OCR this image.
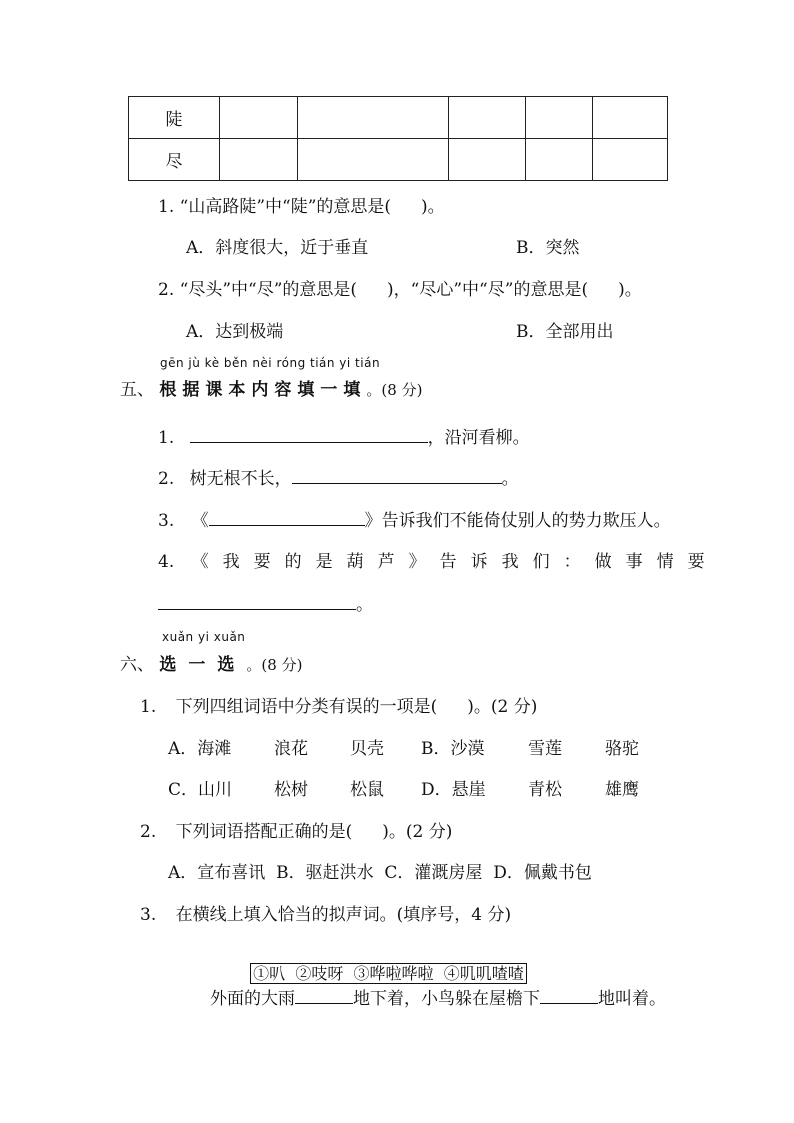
陡					
尽					
1. “山高路陡”中“陡”的意思是( )。
A．斜度很大，近于垂直	B．突然
2. “尽头”中“尽”的意思是( )，“尽心”中“尽”的意思是( )。
A．达到极端	B．全部用出
gēn jù kè běn nèi róng tián yi tián
五、 根据课本内容填一填。(8 分)
1.	，沿河看柳。
2. 树无根不长，	。
3. 《	》告诉我们不能倚仗别人的势力欺压人。
4. 《我要的是葫芦》告诉我们：做事情要
。
xuǎn yi xuǎn
六、 选一选。(8 分)
1. 下列四组词语中分类有误的一项是( )。(2 分)
A．海滩	浪花 贝壳 B．沙漠	雪莲	骆驼
C．山川 松树 松鼠 D．悬崖 青松	雄鹰
2. 下列词语搭配正确的是( )。(2 分)
A．宣布喜讯  B．驱赶洪水  C．灌溉房屋  D．佩戴书包
3. 在横线上填入恰当的拟声词。(填序号，4 分)

①叭  ②吱呀  ③哗啦哗啦  ④叽叽喳喳

外面的大雨	地下着，小鸟躲在屋檐下	地叫着。
